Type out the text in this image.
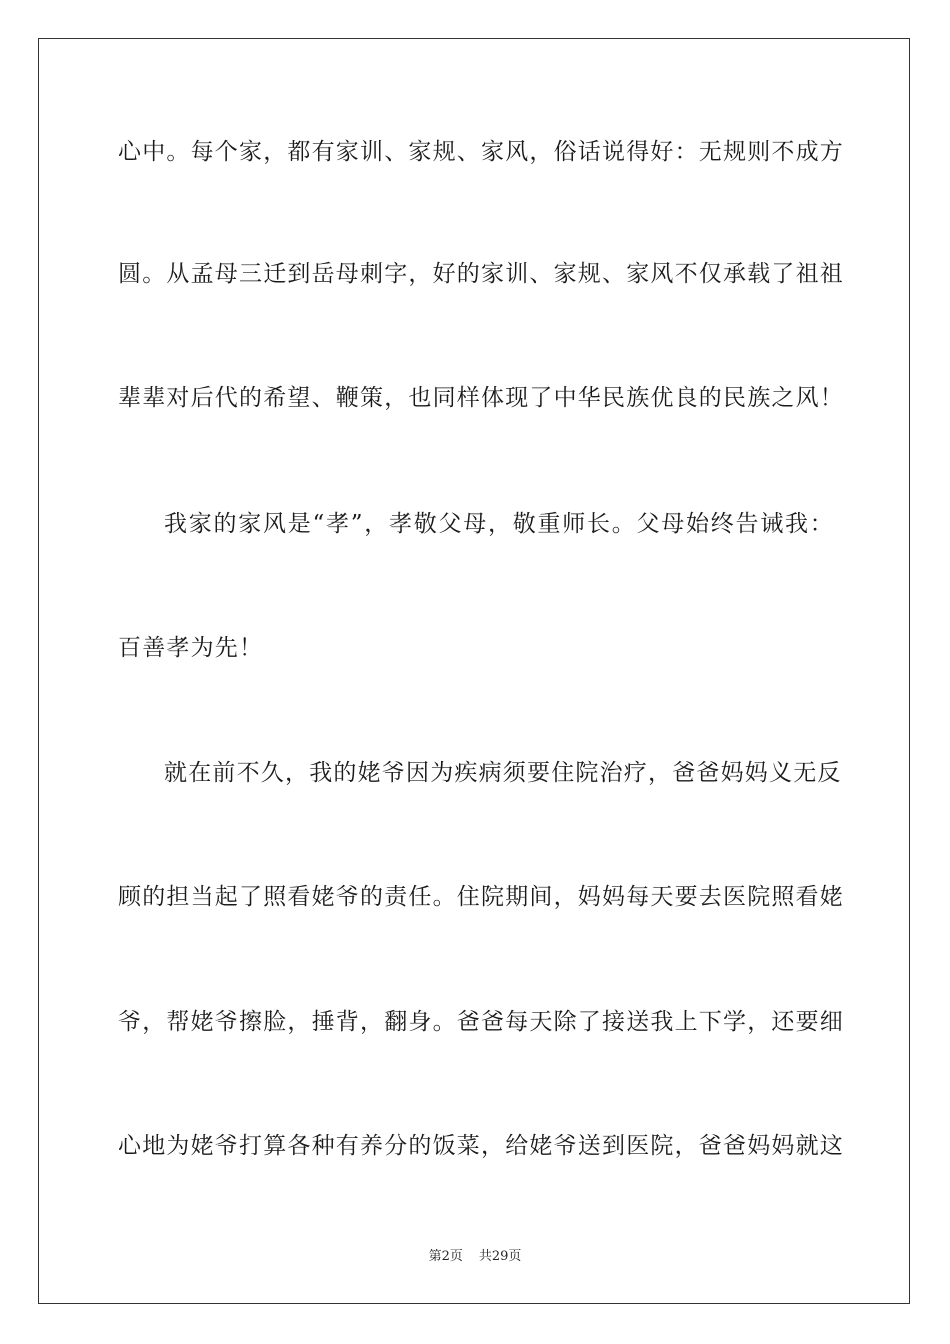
心中。每个家，都有家训、家规、家风，俗话说得好：无规则不成方
圆。从孟母三迁到岳母刺字，好的家训、家规、家风不仅承载了祖祖
辈辈对后代的希望、鞭策，也同样体现了中华民族优良的民族之风！
我家的家风是“孝”，孝敬父母，敬重师长。父母始终告诫我：
百善孝为先！
就在前不久，我的姥爷因为疾病须要住院治疗，爸爸妈妈义无反
顾的担当起了照看姥爷的责任。住院期间，妈妈每天要去医院照看姥
爷，帮姥爷擦脸，捶背，翻身。爸爸每天除了接送我上下学，还要细
心地为姥爷打算各种有养分的饭菜，给姥爷送到医院，爸爸妈妈就这
第2页 共29页
